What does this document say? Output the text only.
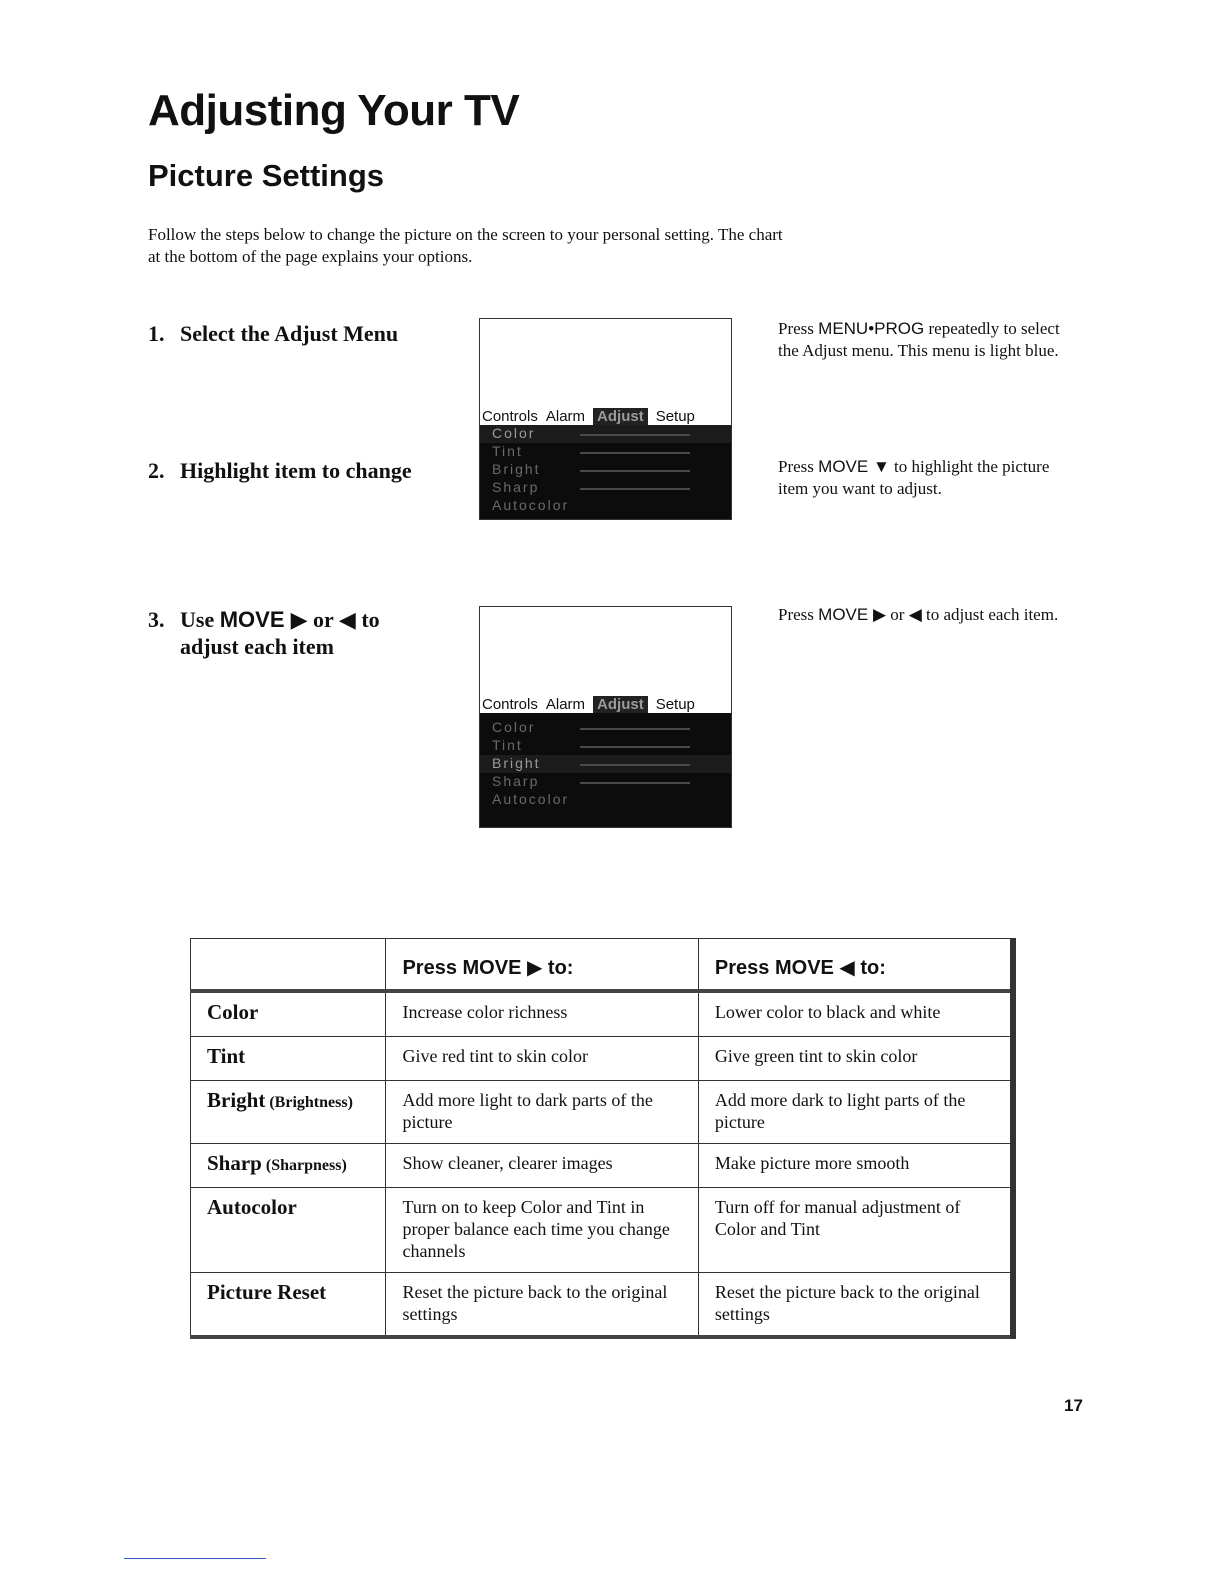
Adjusting Your TV
Picture Settings
Follow the steps below to change the picture on the screen to your personal setting. The chart at the bottom of the page explains your options.
1. Select the Adjust Menu
2. Highlight item to change
3. Use MOVE ▶ or ◀ to
adjust each item
Controls Alarm Adjust Setup
Color
Tint
Bright
Sharp
Autocolor
Controls Alarm Adjust Setup
Color
Tint
Bright
Sharp
Autocolor
Press MENU•PROG repeatedly to select the Adjust menu. This menu is light blue.
Press MOVE ▼ to highlight the picture item you want to adjust.
Press MOVE ▶ or ◀ to adjust each item.
	Press MOVE ▶ to:	Press MOVE ◀ to:
Color	Increase color richness	Lower color to black and white
Tint	Give red tint to skin color	Give green tint to skin color
Bright (Brightness)	Add more light to dark parts of the picture	Add more dark to light parts of the picture
Sharp (Sharpness)	Show cleaner, clearer images	Make picture more smooth
Autocolor	Turn on to keep Color and Tint in proper balance each time you change channels	Turn off for manual adjustment of Color and Tint
Picture Reset	Reset the picture back to the original settings	Reset the picture back to the original settings
17
